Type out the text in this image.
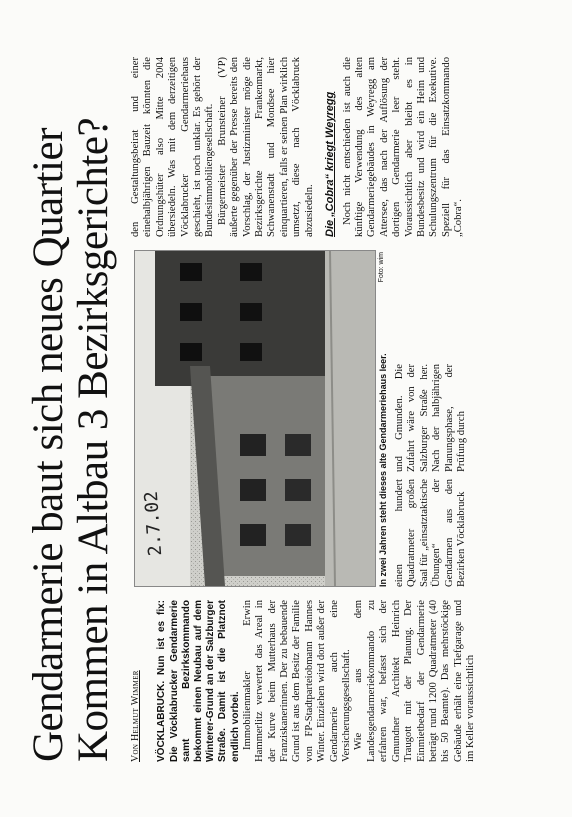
Gendarmerie baut sich neues Quartier
Kommen in Altbau 3 Bezirksgerichte? Von Helmut Wimmer VÖCKLABRUCK. Nun ist es fix: Die Vöcklabrucker Gendarmerie samt Bezirkskommando bekommt einen Neubau auf dem Winterer-Grund an der Salzburger Straße. Damit ist die Platznot endlich vorbei. Immobilienmakler Erwin Hammerlitz verwertet das Areal in der Kurve beim Mutterhaus der Franziskanerinnen. Der zu bebauende Grund ist aus dem Besitz der Familie von FP-Stadtparteiobmann Hannes Winter. Einziehen wird dort außer der Gendarmerie auch eine Versicherungsgesellschaft. Wie aus dem Landesgendarmeriekommando zu erfahren war, befasst sich der Gmundner Architekt Heinrich Traugott mit der Planung. Der Einmietbedarf der Gendarmerie beträgt rund 1200 Quadratmeter (40 bis 50 Beamte). Das mehrstöckige Gebäude erhält eine Tiefgarage und im Keller voraussichtlich

2.7.02	In zwei Jahren steht dieses alte Gendarmeriehaus leer.
Foto: wim

einen hundert Quadratmeter großen Saal für „einsatztaktische Übungen“ der Gendarmen aus den Bezirken Vöcklabruck

und Gmunden. Die Zufahrt wäre von der Salzburger Straße her. Nach der halbjährigen Planungsphase, der Prüfung durch

den Gestaltungsbeirat und einer einehalbjährigen Bauzeit könnten die Ordnungshüter also Mitte 2004 übersiedeln. Was mit dem derzeitigen Vöcklabrucker Gendarmeriehaus geschieht, ist noch unklar. Es gehört der Bundesimmobiliengesellschaft. Bürgermeister Brunsteiner (VP) äußerte gegenüber der Presse bereits den Vorschlag, der Justizminister möge die Bezirksgerichte Frankenmarkt, Schwanenstadt und Mondsee hier einquartieren, falls er seinen Plan wirklich umsetzt, diese nach Vöcklabruck abzusiedeln. Die „Cobra“ kriegt Weyregg Noch nicht entschieden ist auch die künftige Verwendung des alten Gendarmeriegebäudes in Weyregg am Attersee, das nach der Auflösung der dortigen Gendarmerie leer steht. Voraussichtlich aber bleibt es in Bundesbesitz und wird ein Heim und Schulungszentrum für die Exekutive. Speziell für das Einsatzkommando „Cobra“.
